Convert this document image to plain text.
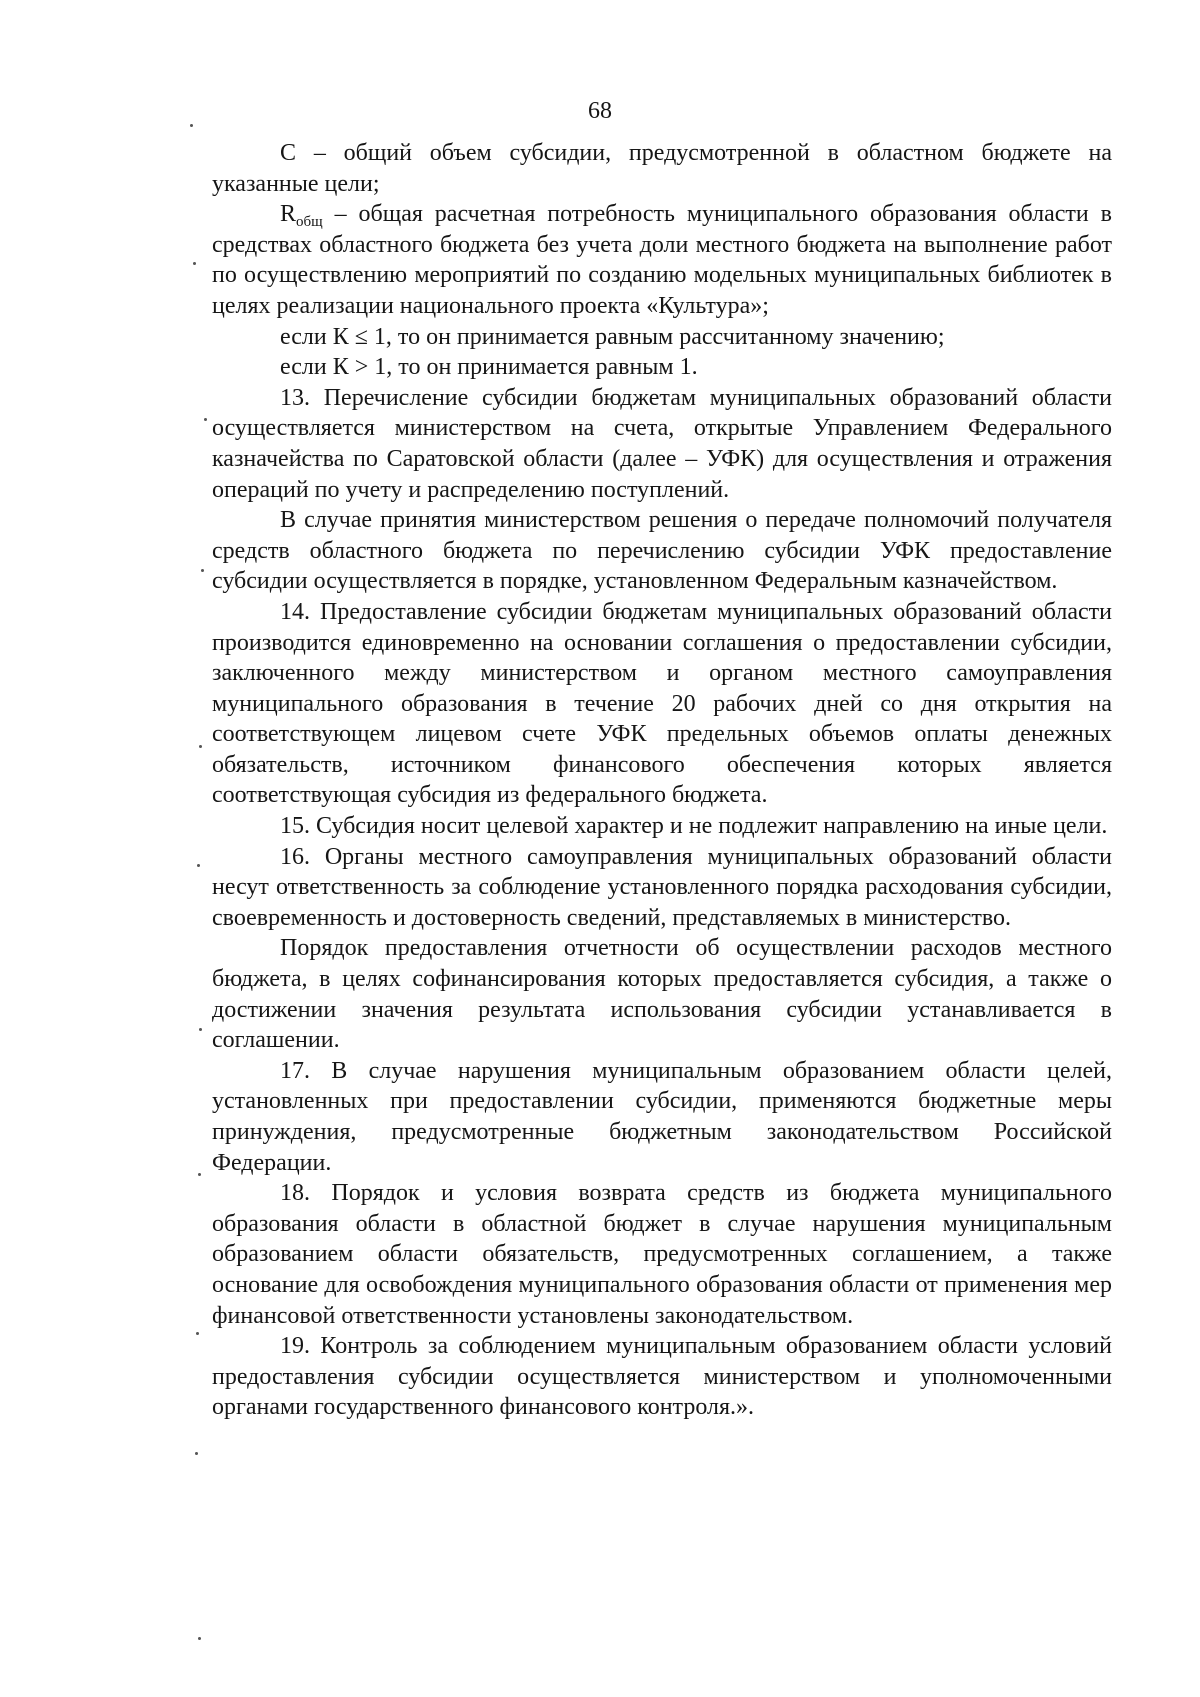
68

С – общий объем субсидии, предусмотренной в областном бюджете на указанные цели;

$R_{общ}$ – общая расчетная потребность муниципального образования области в средствах областного бюджета без учета доли местного бюджета на выполнение работ по осуществлению мероприятий по созданию модельных муниципальных библиотек в целях реализации национального проекта «Культура»;

если К ≤ 1, то он принимается равным рассчитанному значению;

если К > 1, то он принимается равным 1.

13. Перечисление субсидии бюджетам муниципальных образований области осуществляется министерством на счета, открытые Управлением Федерального казначейства по Саратовской области (далее – УФК) для осуществления и отражения операций по учету и распределению поступлений.

В случае принятия министерством решения о передаче полномочий получателя средств областного бюджета по перечислению субсидии УФК предоставление субсидии осуществляется в порядке, установленном Федеральным казначейством.

14. Предоставление субсидии бюджетам муниципальных образований области производится единовременно на основании соглашения о предоставлении субсидии, заключенного между министерством и органом местного самоуправления муниципального образования в течение 20 рабочих дней со дня открытия на соответствующем лицевом счете УФК предельных объемов оплаты денежных обязательств, источником финансового обеспечения которых является соответствующая субсидия из федерального бюджета.

15. Субсидия носит целевой характер и не подлежит направлению на иные цели.

16. Органы местного самоуправления муниципальных образований области несут ответственность за соблюдение установленного порядка расходования субсидии, своевременность и достоверность сведений, представляемых в министерство.

Порядок предоставления отчетности об осуществлении расходов местного бюджета, в целях софинансирования которых предоставляется субсидия, а также о достижении значения результата использования субсидии устанавливается в соглашении.

17. В случае нарушения муниципальным образованием области целей, установленных при предоставлении субсидии, применяются бюджетные меры принуждения, предусмотренные бюджетным законодательством Российской Федерации.

18. Порядок и условия возврата средств из бюджета муниципального образования области в областной бюджет в случае нарушения муниципальным образованием области обязательств, предусмотренных соглашением, а также основание для освобождения муниципального образования области от применения мер финансовой ответственности установлены законодательством.

19. Контроль за соблюдением муниципальным образованием области условий предоставления субсидии осуществляется министерством и уполномоченными органами государственного финансового контроля.».
